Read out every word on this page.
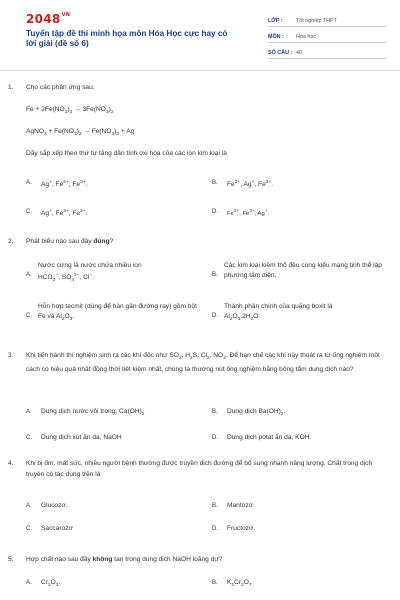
$2048^{VN}$
Tuyển tập đề thi minh họa môn Hóa Học cực hay có lời giải (đề số 6)
LỚP :	Tốt nghiệp THPT
MÔN :	Hóa học
SỐ CÂU : 40
1.	Cho các phản ứng sau:
$Fe + 2Fe(NO_3)_3 \to 3Fe(NO_3)_2$
AgNO$_3$ + $Fe(NO_3)_2 \to Fe(NO_3)_3 + Ag$
Dãy sắp xếp theo thứ tự tăng dần tính oxi hóa của các ion kim loại là
A. Ag+, $Fe^{2+}$, $Fe^{3+}$.	B. $Fe^{2+}$, Ag+, $Fe^{3+}$.
C. Ag+, $Fe^{3+}$, $Fe^{2+}$.	D. $Fe^{2+}$, $Fe^{3+}$, Ag+.
2.	Phát biểu nào sau đây đúng?
A.
Nước cứng là nước chứa nhiều ion
$HCO_3^-$, $SO_4^{2-}$, Cl−.	B.
Các kim loại kiềm thổ đều cùng kiểu mạng tinh thể lập phương tâm diện.
C.
Hỗn hợp tecmit (dùng để hàn gần đường ray) gồm bột Fe và $Al_2O_3$.	D.
Thành phần chính của quặng boxit là
$Al_2O_3.2H_2O$
3.	Khi tiến hành thí nghiệm sinh ra các khí độc như $SO_2$, $H_2S$, $Cl_2$, $NO_2$. Để hạn chế các khí này thoát ra từ ống nghiệm một cách có hiệu quả nhất đồng thời tiết kiệm nhất, chúng ta thường nút ống nghiệm bằng bông tẩm dung dịch nào?
A. Dung dịch nước vôi trong, $Ca(OH)_2$	B. Dung dịch $Ba(OH)_2$.
C. Dung dịch xút ăn da, NaOH	D. Dung dịch potat ăn da, KOH.
4.	Khi bị ốm, mất sức, nhiều người bệnh thường được truyền dịch đường để bổ sung nhanh năng lượng. Chất trong dịch truyền có tác dụng trên là
A. Glucozơ.	B. Mantozơ.
C. Saccarozơ	D. Fructozơ.
5.	Hợp chất nào sau đây không tan trong dung dịch NaOH loãng dư?
A. $Cr_2O_3$.	B. $K_2Cr_2O_7$
